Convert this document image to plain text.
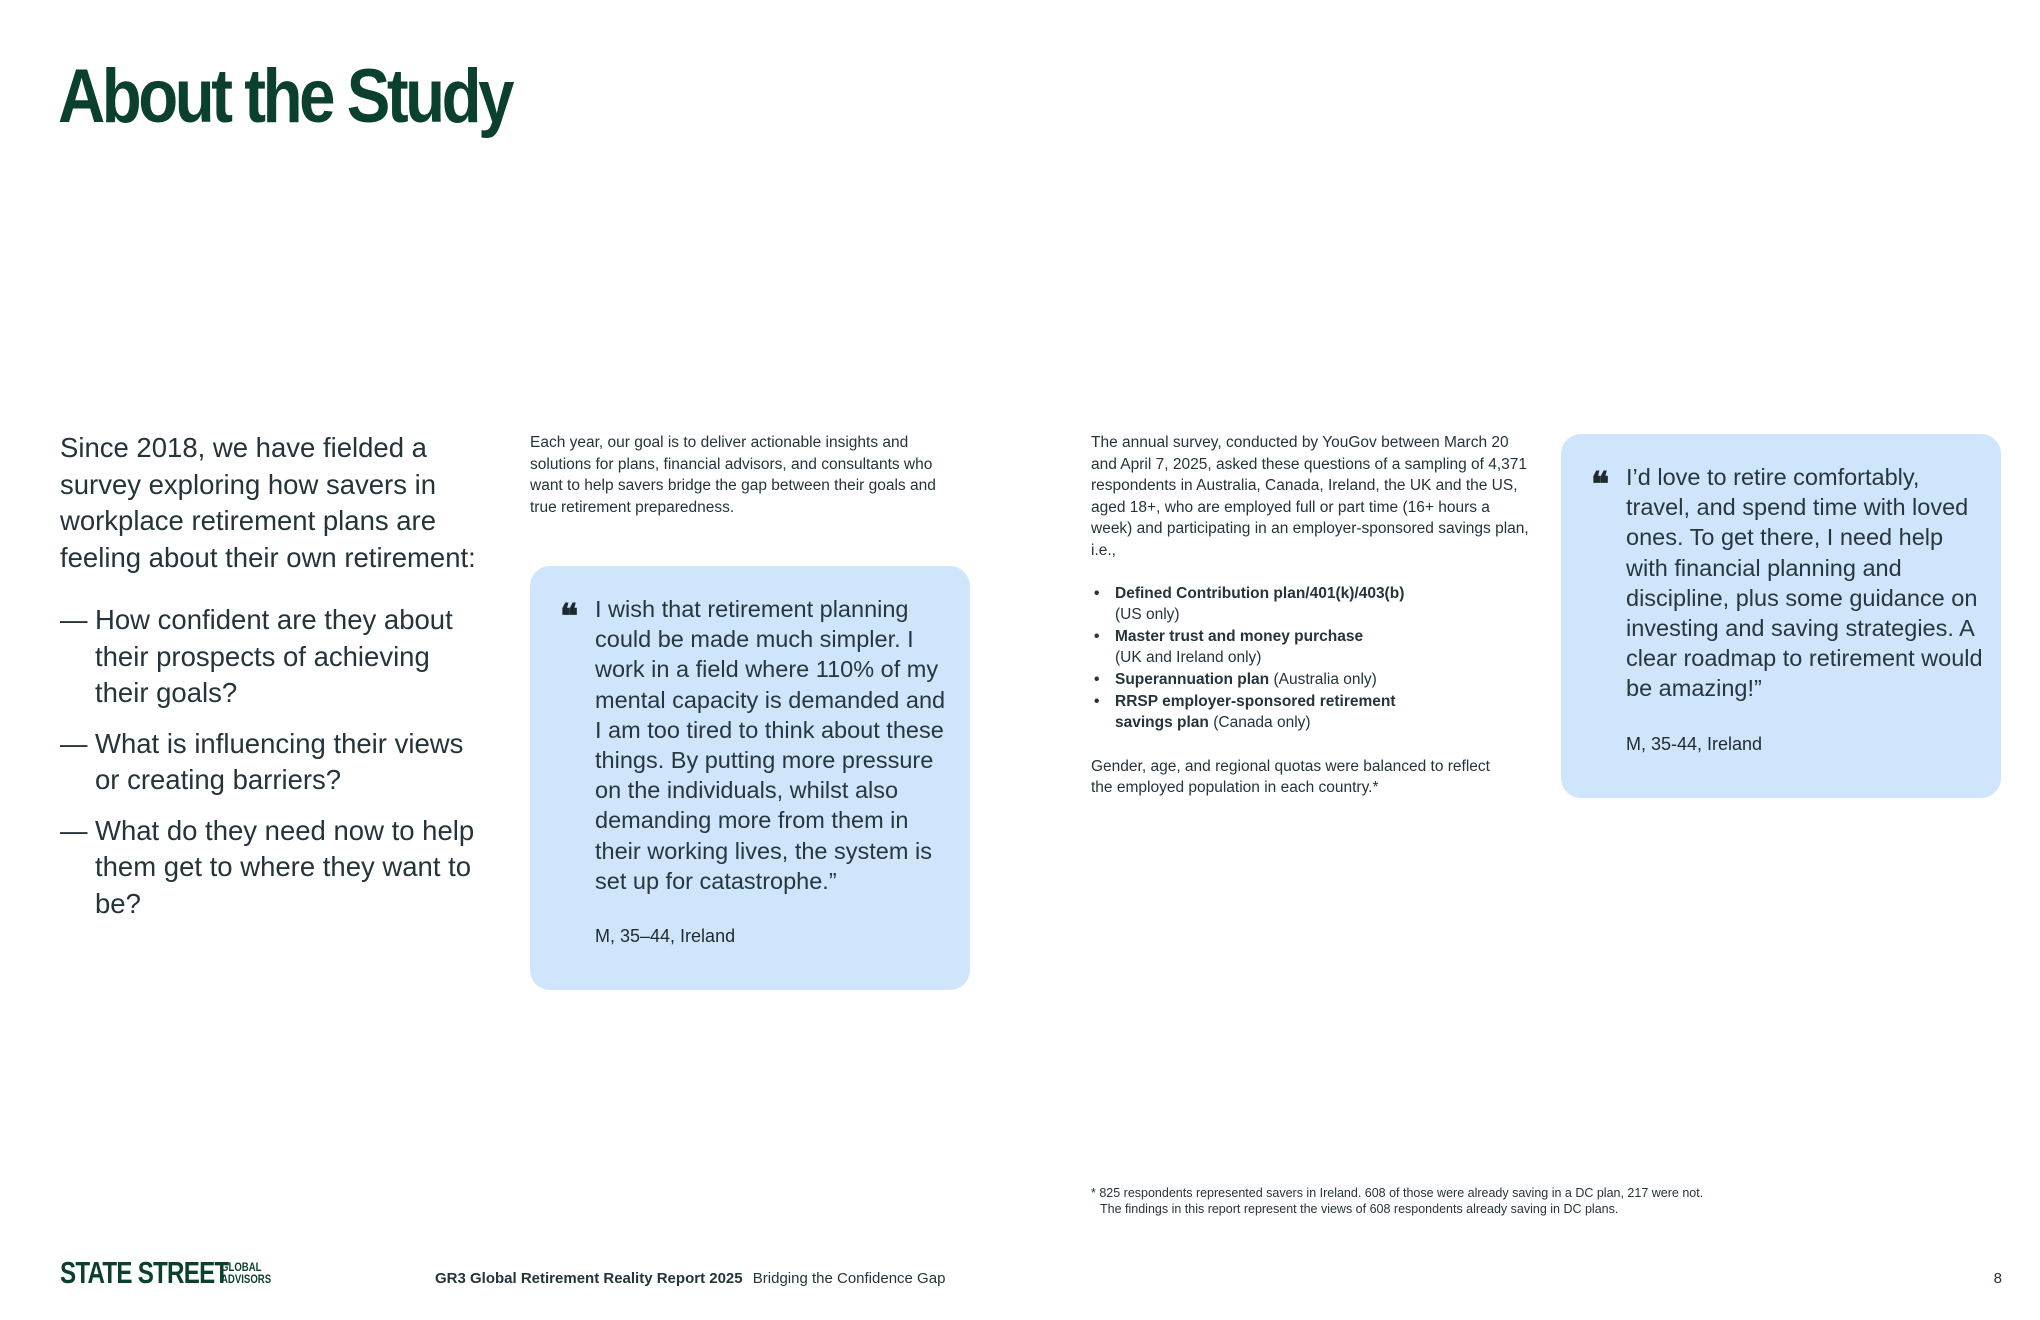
About the Study

Since 2018, we have fielded a survey exploring how savers in workplace retirement plans are feeling about their own retirement:

— How confident are they about their prospects of achieving their goals?
— What is influencing their views or creating barriers?
— What do they need now to help them get to where they want to be?

Each year, our goal is to deliver actionable insights and solutions for plans, financial advisors, and consultants who want to help savers bridge the gap between their goals and true retirement preparedness.

❝ I wish that retirement planning could be made much simpler. I work in a field where 110% of my mental capacity is demanded and I am too tired to think about these things. By putting more pressure on the individuals, whilst also demanding more from them in their working lives, the system is set up for catastrophe.”

M, 35–44, Ireland

The annual survey, conducted by YouGov between March 20 and April 7, 2025, asked these questions of a sampling of 4,371 respondents in Australia, Canada, Ireland, the UK and the US, aged 18+, who are employed full or part time (16+ hours a week) and participating in an employer-sponsored savings plan, i.e.,

• Defined Contribution plan/401(k)/403(b)
(US only)
• Master trust and money purchase
(UK and Ireland only)
• Superannuation plan (Australia only)
• RRSP employer-sponsored retirement savings plan (Canada only)

Gender, age, and regional quotas were balanced to reflect the employed population in each country.*

❝ I’d love to retire comfortably, travel, and spend time with loved ones. To get there, I need help with financial planning and discipline, plus some guidance on investing and saving strategies. A clear roadmap to retirement would be amazing!”

M, 35-44, Ireland
* 825 respondents represented savers in Ireland. 608 of those were already saving in a DC plan, 217 were not.
The findings in this report represent the views of 608 respondents already saving in DC plans.
STATE STREET
GLOBAL
ADVISORS	GR3 Global Retirement Reality Report 2025 Bridging the Confidence Gap	8
